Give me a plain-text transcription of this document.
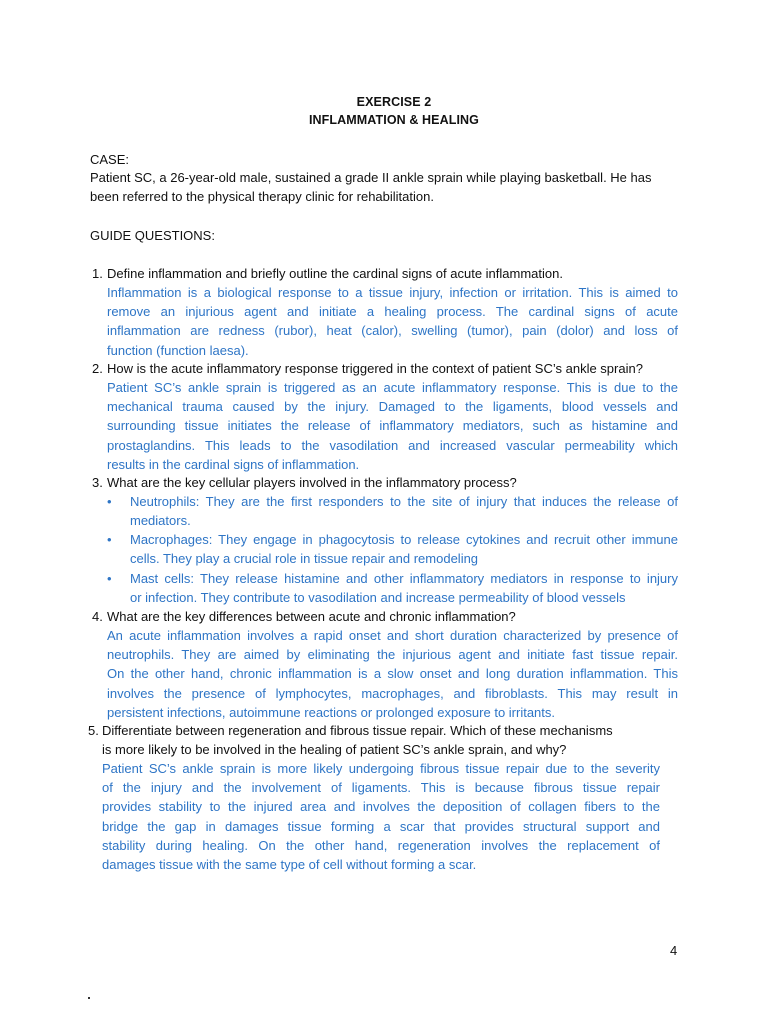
EXERCISE 2
INFLAMMATION & HEALING
CASE:
Patient SC, a 26-year-old male, sustained a grade II ankle sprain while playing basketball. He has
been referred to the physical therapy clinic for rehabilitation.
GUIDE QUESTIONS:
1. Define inflammation and briefly outline the cardinal signs of acute inflammation.
Inflammation is a biological response to a tissue injury, infection or irritation. This is aimed to
remove an injurious agent and initiate a healing process. The cardinal signs of acute
inflammation are redness (rubor), heat (calor), swelling (tumor), pain (dolor) and loss of
function (function laesa).
2. How is the acute inflammatory response triggered in the context of patient SC’s ankle sprain?
Patient SC’s ankle sprain is triggered as an acute inflammatory response. This is due to the
mechanical trauma caused by the injury. Damaged to the ligaments, blood vessels and
surrounding tissue initiates the release of inflammatory mediators, such as histamine and
prostaglandins. This leads to the vasodilation and increased vascular permeability which
results in the cardinal signs of inflammation.
3. What are the key cellular players involved in the inflammatory process?
• Neutrophils: They are the first responders to the site of injury that induces the release of
mediators.
• Macrophages: They engage in phagocytosis to release cytokines and recruit other immune
cells. They play a crucial role in tissue repair and remodeling
• Mast cells: They release histamine and other inflammatory mediators in response to injury
or infection. They contribute to vasodilation and increase permeability of blood vessels
4. What are the key differences between acute and chronic inflammation?
An acute inflammation involves a rapid onset and short duration characterized by presence of
neutrophils. They are aimed by eliminating the injurious agent and initiate fast tissue repair.
On the other hand, chronic inflammation is a slow onset and long duration inflammation. This
involves the presence of lymphocytes, macrophages, and fibroblasts. This may result in
persistent infections, autoimmune reactions or prolonged exposure to irritants.
5. Differentiate between regeneration and fibrous tissue repair. Which of these mechanisms
is more likely to be involved in the healing of patient SC’s ankle sprain, and why?
Patient SC’s ankle sprain is more likely undergoing fibrous tissue repair due to the severity
of the injury and the involvement of ligaments. This is because fibrous tissue repair
provides stability to the injured area and involves the deposition of collagen fibers to the
bridge the gap in damages tissue forming a scar that provides structural support and
stability during healing. On the other hand, regeneration involves the replacement of
damages tissue with the same type of cell without forming a scar.
4
